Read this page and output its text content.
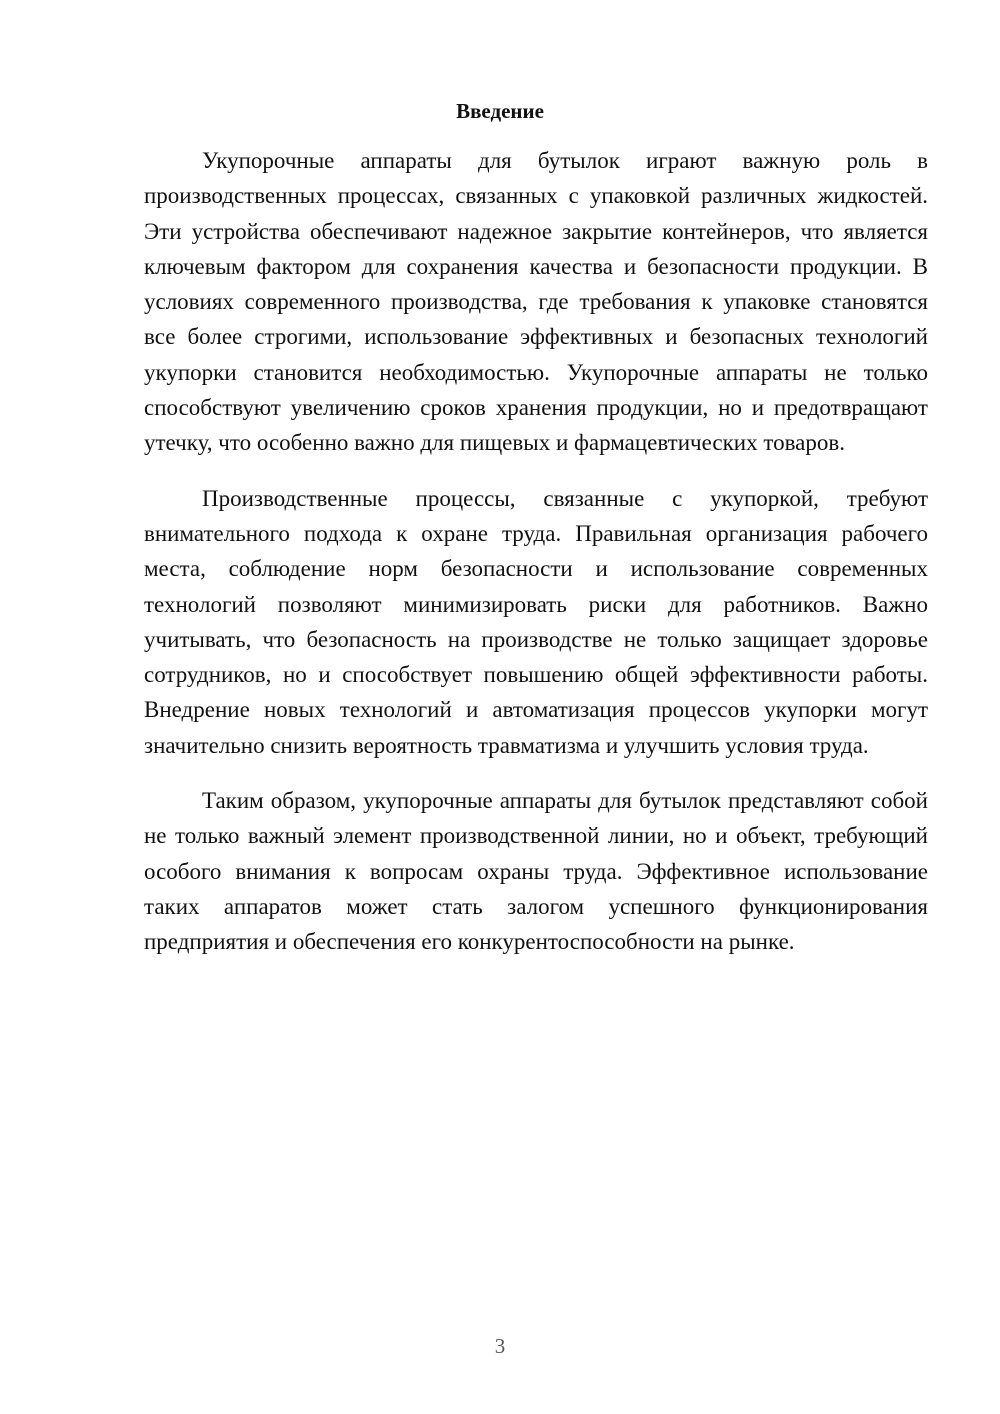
Введение

Укупорочные аппараты для бутылок играют важную роль в производственных процессах, связанных с упаковкой различных жидкостей. Эти устройства обеспечивают надежное закрытие контейнеров, что является ключевым фактором для сохранения качества и безопасности продукции. В условиях современного производства, где требования к упаковке становятся все более строгими, использование эффективных и безопасных технологий укупорки становится необходимостью. Укупорочные аппараты не только способствуют увеличению сроков хранения продукции, но и предотвращают утечку, что особенно важно для пищевых и фармацевтических товаров.

Производственные процессы, связанные с укупоркой, требуют внимательного подхода к охране труда. Правильная организация рабочего места, соблюдение норм безопасности и использование современных технологий позволяют минимизировать риски для работников. Важно учитывать, что безопасность на производстве не только защищает здоровье сотрудников, но и способствует повышению общей эффективности работы. Внедрение новых технологий и автоматизация процессов укупорки могут значительно снизить вероятность травматизма и улучшить условия труда.

Таким образом, укупорочные аппараты для бутылок представляют собой не только важный элемент производственной линии, но и объект, требующий особого внимания к вопросам охраны труда. Эффективное использование таких аппаратов может стать залогом успешного функционирования предприятия и обеспечения его конкурентоспособности на рынке.

3
